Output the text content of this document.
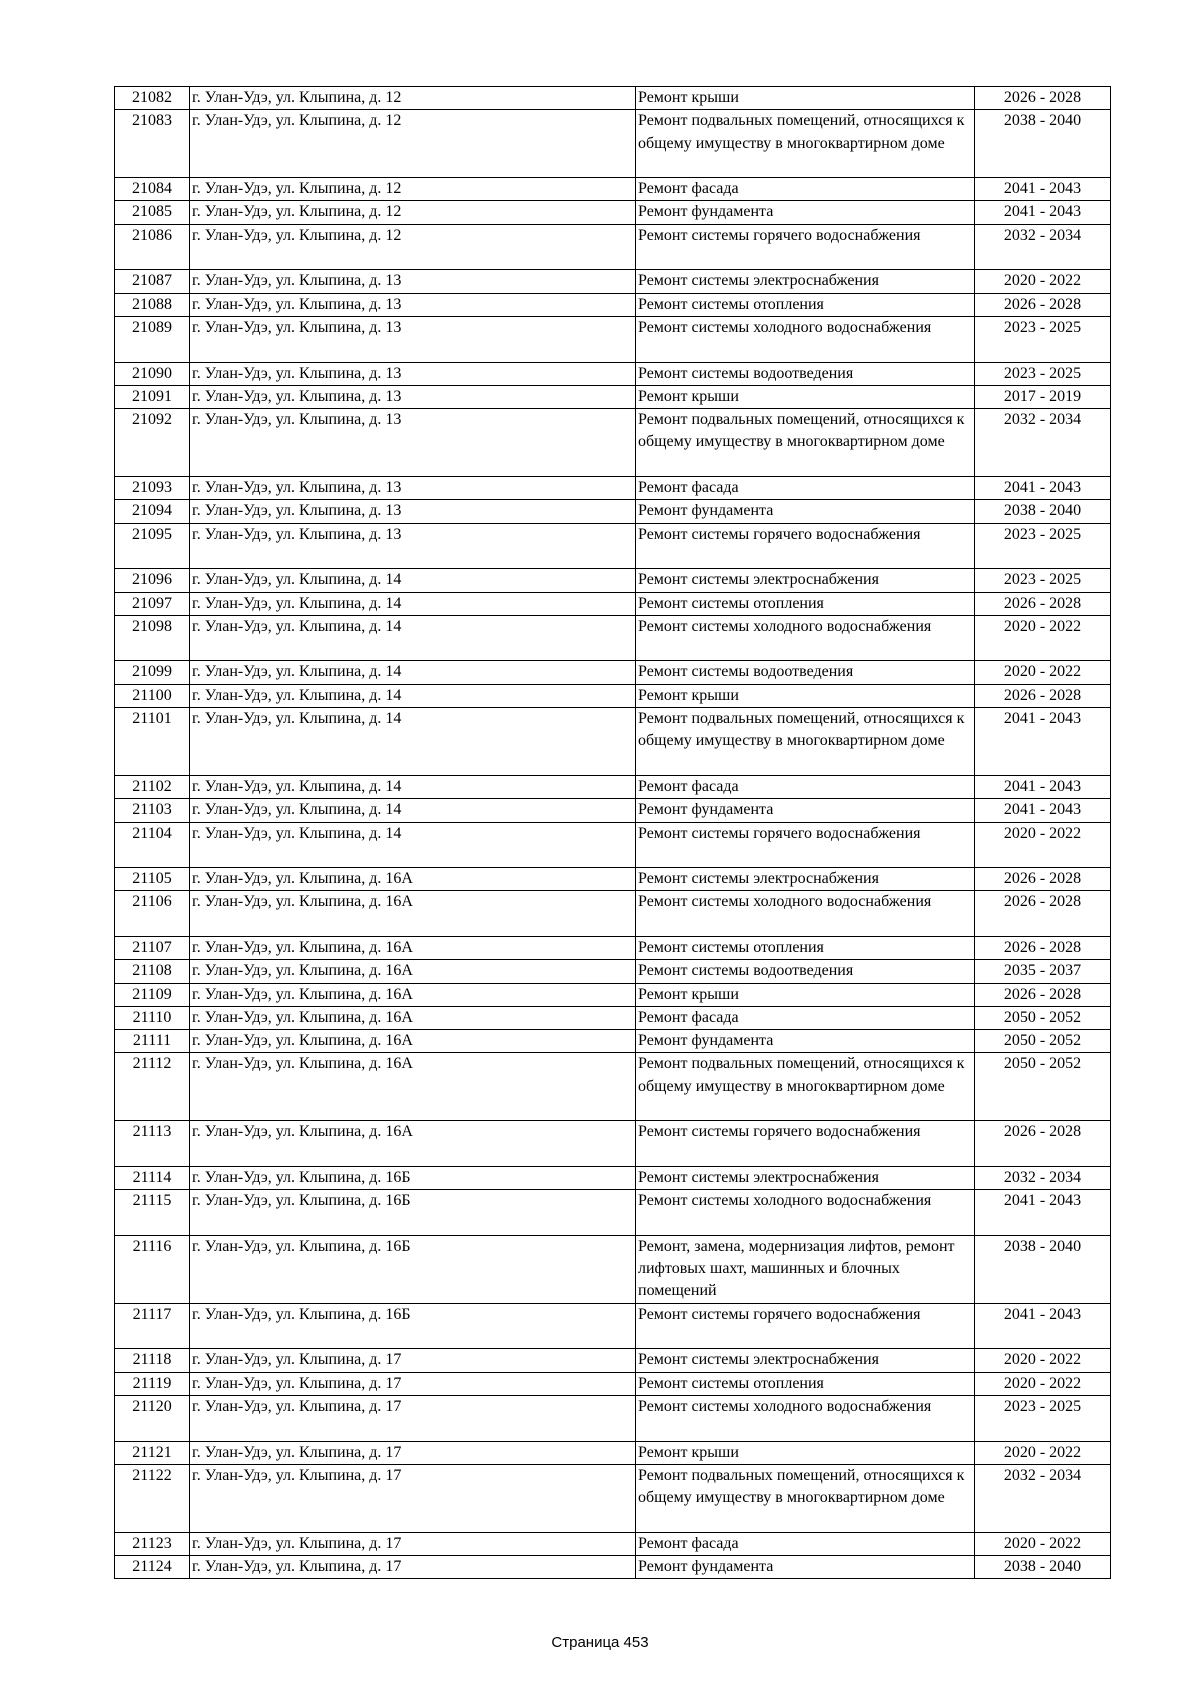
21082	г. Улан-Удэ, ул. Клыпина, д. 12	Ремонт крыши	2026 - 2028
21083	г. Улан-Удэ, ул. Клыпина, д. 12	Ремонт подвальных помещений, относящихся к общему имуществу в многоквартирном доме	2038 - 2040
21084	г. Улан-Удэ, ул. Клыпина, д. 12	Ремонт фасада	2041 - 2043
21085	г. Улан-Удэ, ул. Клыпина, д. 12	Ремонт фундамента	2041 - 2043
21086	г. Улан-Удэ, ул. Клыпина, д. 12	Ремонт системы горячего водоснабжения	2032 - 2034
21087	г. Улан-Удэ, ул. Клыпина, д. 13	Ремонт системы электроснабжения	2020 - 2022
21088	г. Улан-Удэ, ул. Клыпина, д. 13	Ремонт системы отопления	2026 - 2028
21089	г. Улан-Удэ, ул. Клыпина, д. 13	Ремонт системы холодного водоснабжения	2023 - 2025
21090	г. Улан-Удэ, ул. Клыпина, д. 13	Ремонт системы водоотведения	2023 - 2025
21091	г. Улан-Удэ, ул. Клыпина, д. 13	Ремонт крыши	2017 - 2019
21092	г. Улан-Удэ, ул. Клыпина, д. 13	Ремонт подвальных помещений, относящихся к общему имуществу в многоквартирном доме	2032 - 2034
21093	г. Улан-Удэ, ул. Клыпина, д. 13	Ремонт фасада	2041 - 2043
21094	г. Улан-Удэ, ул. Клыпина, д. 13	Ремонт фундамента	2038 - 2040
21095	г. Улан-Удэ, ул. Клыпина, д. 13	Ремонт системы горячего водоснабжения	2023 - 2025
21096	г. Улан-Удэ, ул. Клыпина, д. 14	Ремонт системы электроснабжения	2023 - 2025
21097	г. Улан-Удэ, ул. Клыпина, д. 14	Ремонт системы отопления	2026 - 2028
21098	г. Улан-Удэ, ул. Клыпина, д. 14	Ремонт системы холодного водоснабжения	2020 - 2022
21099	г. Улан-Удэ, ул. Клыпина, д. 14	Ремонт системы водоотведения	2020 - 2022
21100	г. Улан-Удэ, ул. Клыпина, д. 14	Ремонт крыши	2026 - 2028
21101	г. Улан-Удэ, ул. Клыпина, д. 14	Ремонт подвальных помещений, относящихся к общему имуществу в многоквартирном доме	2041 - 2043
21102	г. Улан-Удэ, ул. Клыпина, д. 14	Ремонт фасада	2041 - 2043
21103	г. Улан-Удэ, ул. Клыпина, д. 14	Ремонт фундамента	2041 - 2043
21104	г. Улан-Удэ, ул. Клыпина, д. 14	Ремонт системы горячего водоснабжения	2020 - 2022
21105	г. Улан-Удэ, ул. Клыпина, д. 16А	Ремонт системы электроснабжения	2026 - 2028
21106	г. Улан-Удэ, ул. Клыпина, д. 16А	Ремонт системы холодного водоснабжения	2026 - 2028
21107	г. Улан-Удэ, ул. Клыпина, д. 16А	Ремонт системы отопления	2026 - 2028
21108	г. Улан-Удэ, ул. Клыпина, д. 16А	Ремонт системы водоотведения	2035 - 2037
21109	г. Улан-Удэ, ул. Клыпина, д. 16А	Ремонт крыши	2026 - 2028
21110	г. Улан-Удэ, ул. Клыпина, д. 16А	Ремонт фасада	2050 - 2052
21111	г. Улан-Удэ, ул. Клыпина, д. 16А	Ремонт фундамента	2050 - 2052
21112	г. Улан-Удэ, ул. Клыпина, д. 16А	Ремонт подвальных помещений, относящихся к общему имуществу в многоквартирном доме	2050 - 2052
21113	г. Улан-Удэ, ул. Клыпина, д. 16А	Ремонт системы горячего водоснабжения	2026 - 2028
21114	г. Улан-Удэ, ул. Клыпина, д. 16Б	Ремонт системы электроснабжения	2032 - 2034
21115	г. Улан-Удэ, ул. Клыпина, д. 16Б	Ремонт системы холодного водоснабжения	2041 - 2043
21116	г. Улан-Удэ, ул. Клыпина, д. 16Б	Ремонт, замена, модернизация лифтов, ремонт лифтовых шахт, машинных и блочных помещений	2038 - 2040
21117	г. Улан-Удэ, ул. Клыпина, д. 16Б	Ремонт системы горячего водоснабжения	2041 - 2043
21118	г. Улан-Удэ, ул. Клыпина, д. 17	Ремонт системы электроснабжения	2020 - 2022
21119	г. Улан-Удэ, ул. Клыпина, д. 17	Ремонт системы отопления	2020 - 2022
21120	г. Улан-Удэ, ул. Клыпина, д. 17	Ремонт системы холодного водоснабжения	2023 - 2025
21121	г. Улан-Удэ, ул. Клыпина, д. 17	Ремонт крыши	2020 - 2022
21122	г. Улан-Удэ, ул. Клыпина, д. 17	Ремонт подвальных помещений, относящихся к общему имуществу в многоквартирном доме	2032 - 2034
21123	г. Улан-Удэ, ул. Клыпина, д. 17	Ремонт фасада	2020 - 2022
21124	г. Улан-Удэ, ул. Клыпина, д. 17	Ремонт фундамента	2038 - 2040
Страница 453
